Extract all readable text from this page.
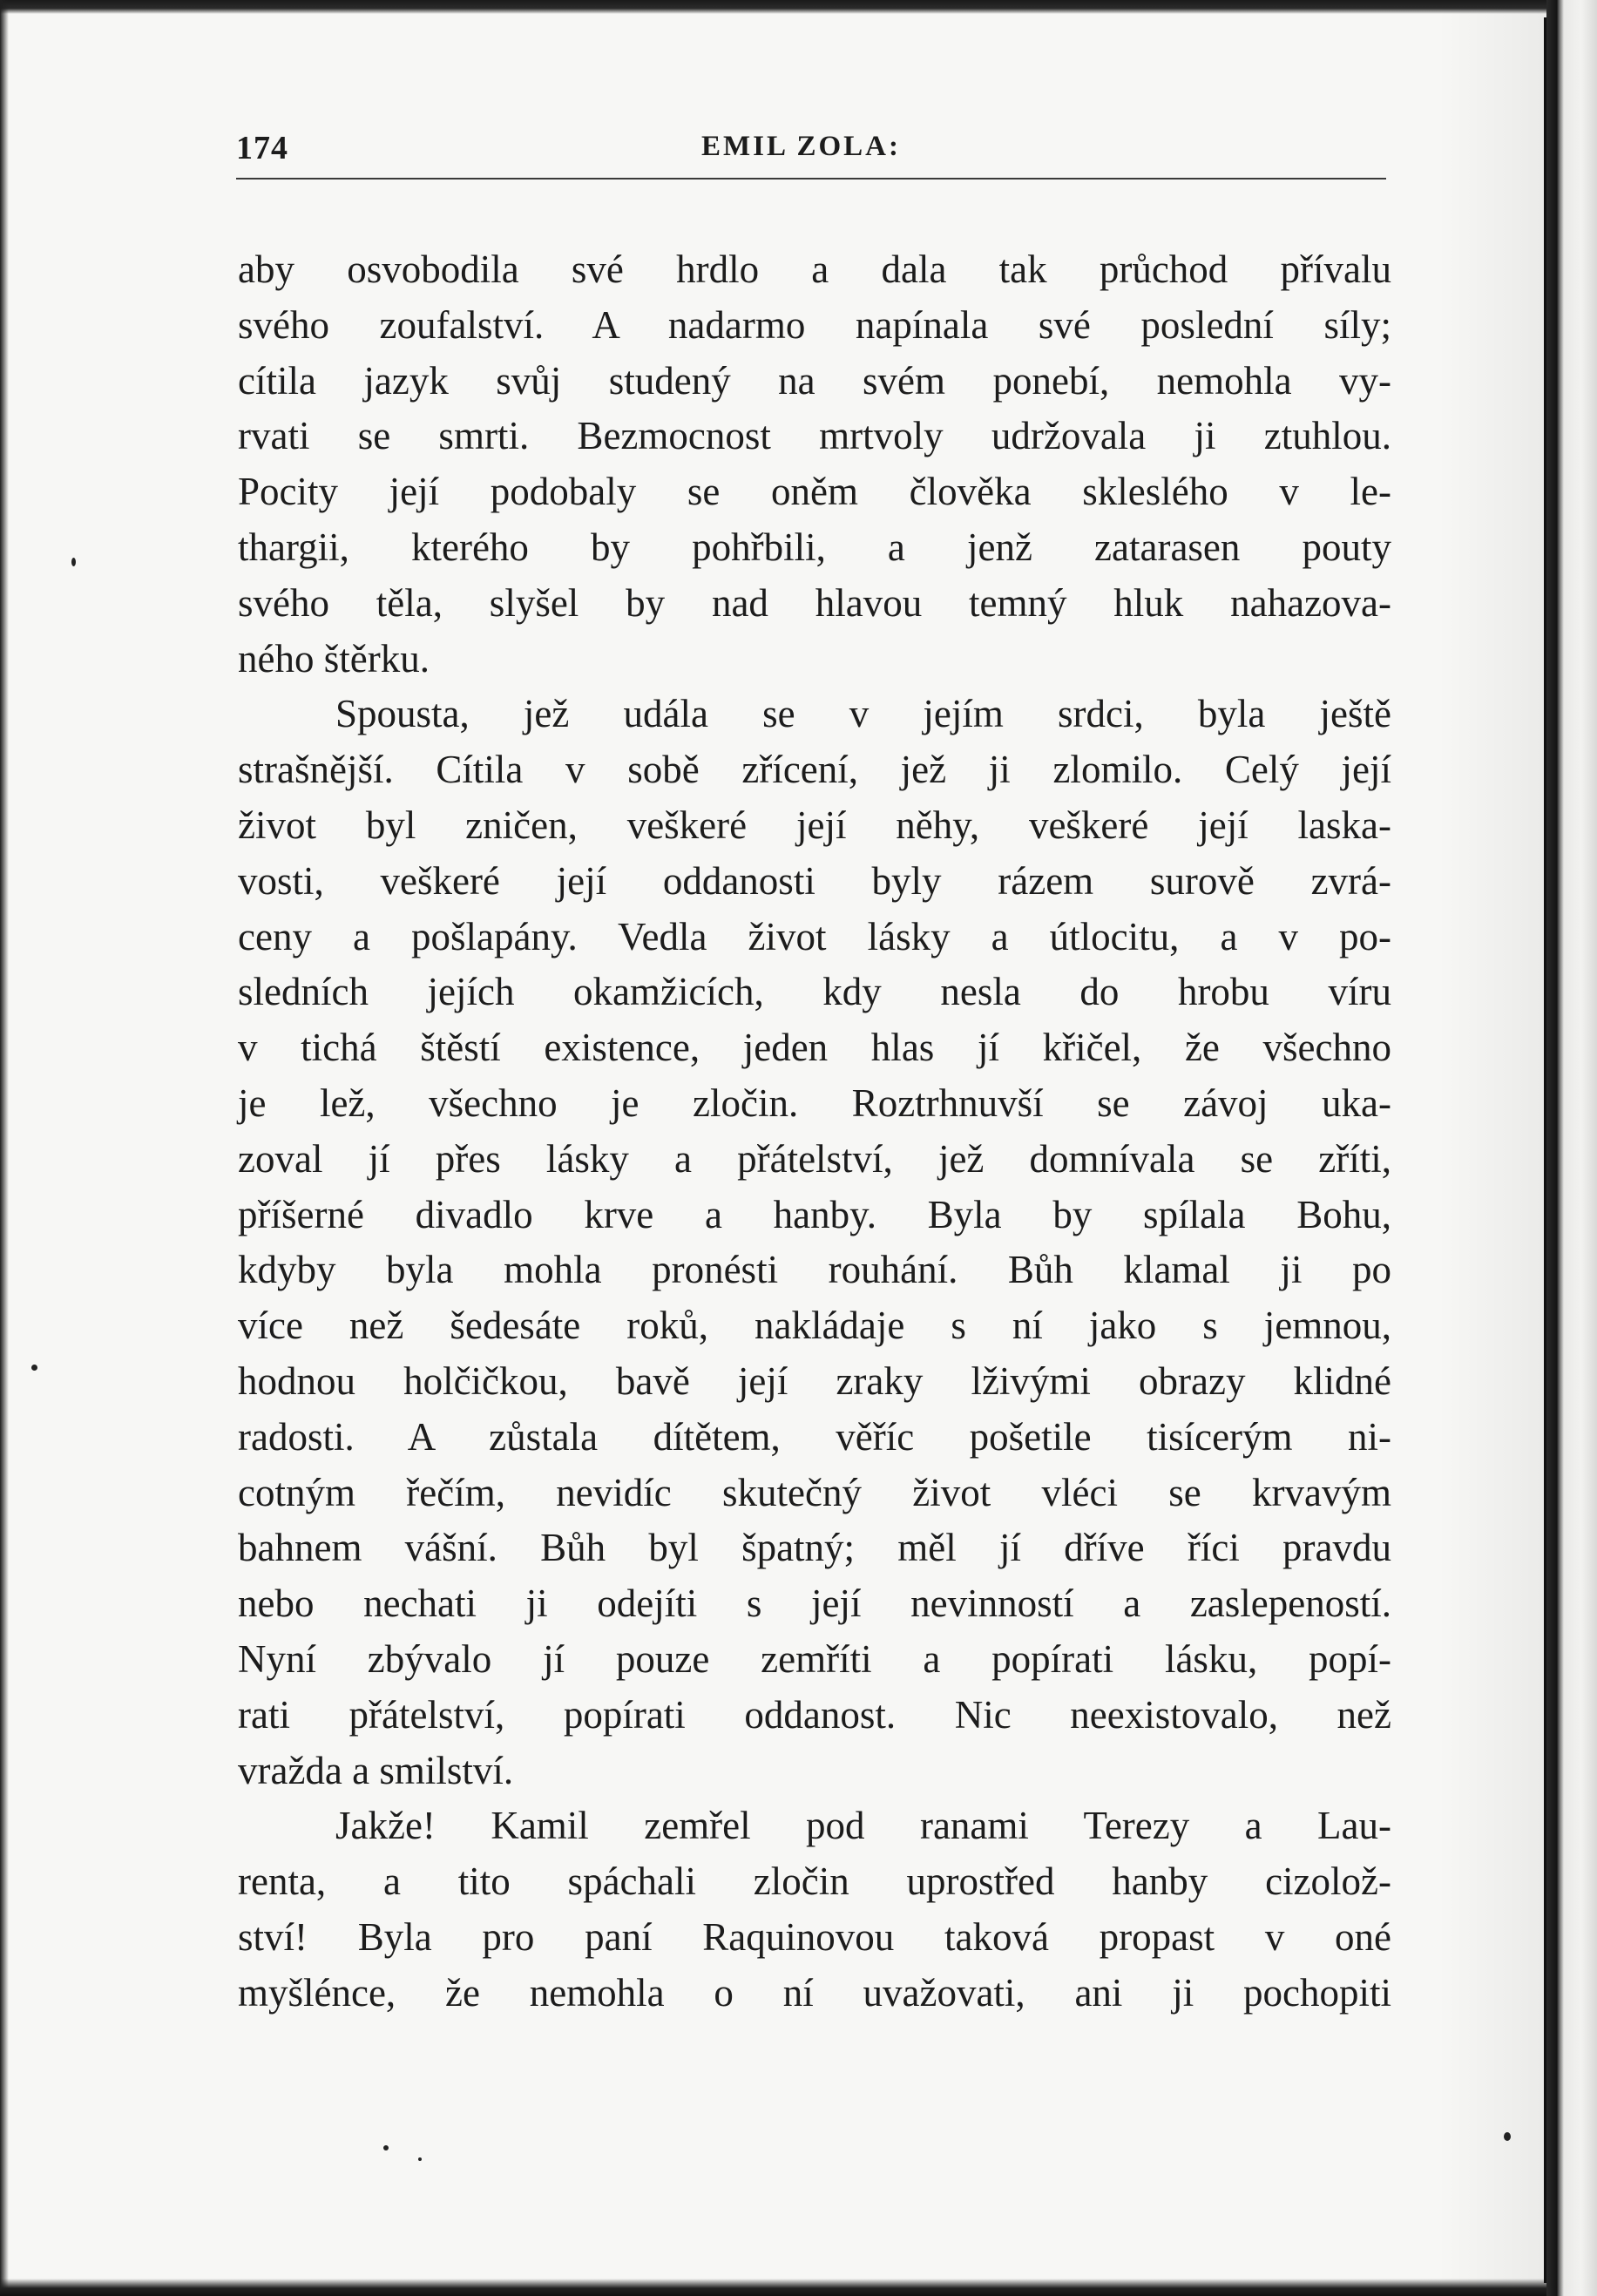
174	EMIL ZOLA:
aby osvobodila své hrdlo a dala tak průchod přívalu
svého zoufalství. A nadarmo napínala své poslední síly;
cítila jazyk svůj studený na svém ponebí, nemohla vy-
rvati se smrti. Bezmocnost mrtvoly udržovala ji ztuhlou.
Pocity její podobaly se oněm člověka skleslého v le-
thargii, kterého by pohřbili, a jenž zatarasen pouty
svého těla, slyšel by nad hlavou temný hluk nahazova-
ného štěrku.
Spousta, jež udála se v jejím srdci, byla ještě
strašnější. Cítila v sobě zřícení, jež ji zlomilo. Celý její
život byl zničen, veškeré její něhy, veškeré její laska-
vosti, veškeré její oddanosti byly rázem surově zvrá-
ceny a pošlapány. Vedla život lásky a útlocitu, a v po-
sledních jejích okamžicích, kdy nesla do hrobu víru
v tichá štěstí existence, jeden hlas jí křičel, že všechno
je lež, všechno je zločin. Roztrhnuvší se závoj uka-
zoval jí přes lásky a přátelství, jež domnívala se zříti,
příšerné divadlo krve a hanby. Byla by spílala Bohu,
kdyby byla mohla pronésti rouhání. Bůh klamal ji po
více než šedesáte roků, nakládaje s ní jako s jemnou,
hodnou holčičkou, bavě její zraky lživými obrazy klidné
radosti. A zůstala dítětem, věříc pošetile tisícerým ni-
cotným řečím, nevidíc skutečný život vléci se krvavým
bahnem vášní. Bůh byl špatný; měl jí dříve říci pravdu
nebo nechati ji odejíti s její nevinností a zaslepeností.
Nyní zbývalo jí pouze zemříti a popírati lásku, popí-
rati přátelství, popírati oddanost. Nic neexistovalo, než
vražda a smilství.
Jakže! Kamil zemřel pod ranami Terezy a Lau-
renta, a tito spáchali zločin uprostřed hanby cizolož-
ství! Byla pro paní Raquinovou taková propast v oné
myšlénce, že nemohla o ní uvažovati, ani ji pochopiti
